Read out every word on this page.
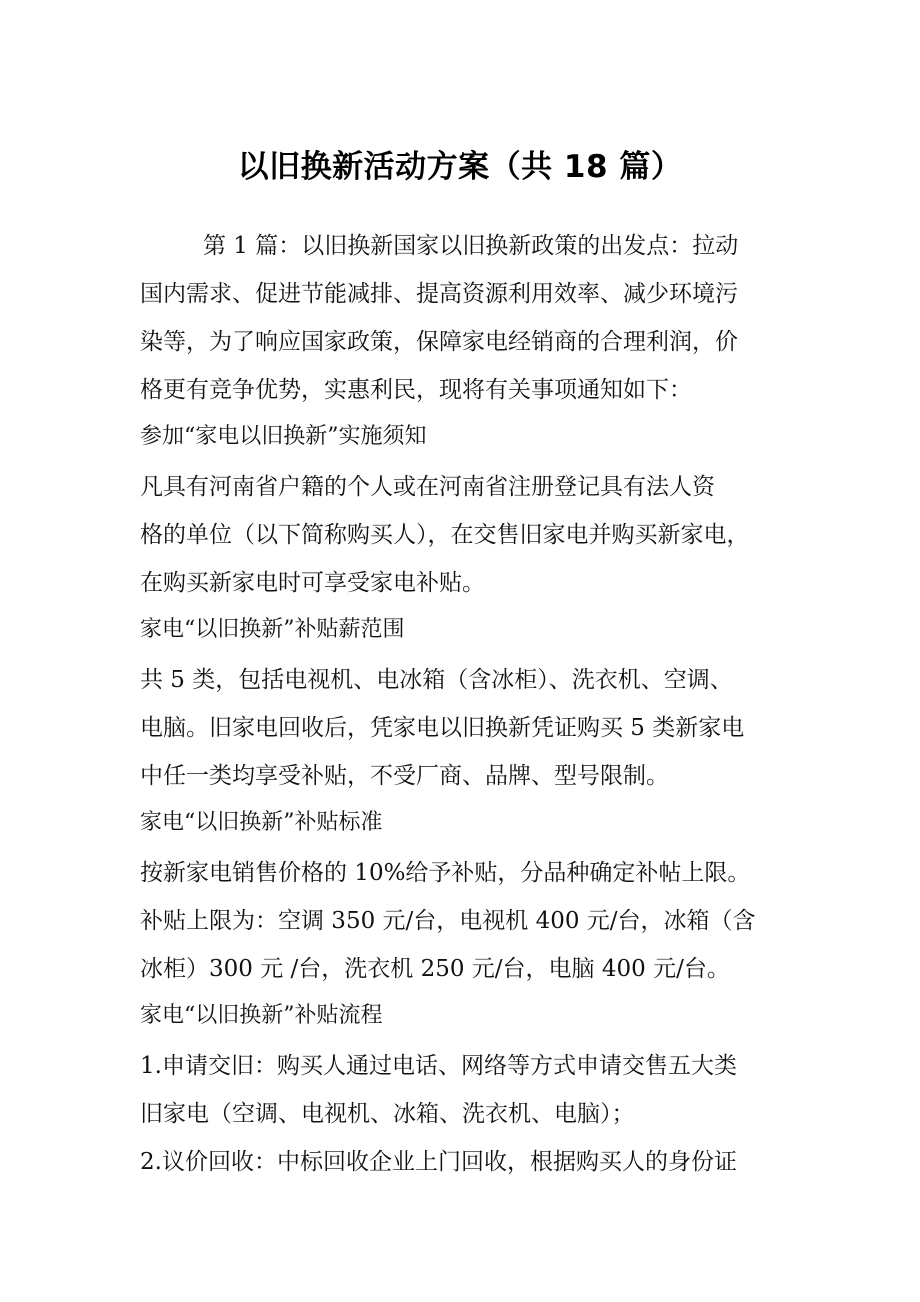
以旧换新活动方案（共 18 篇）
第 1 篇：以旧换新国家以旧换新政策的出发点：拉动
国内需求、促进节能减排、提高资源利用效率、减少环境污
染等，为了响应国家政策，保障家电经销商的合理利润，价
格更有竞争优势，实惠利民，现将有关事项通知如下：
参加“家电以旧换新”实施须知
凡具有河南省户籍的个人或在河南省注册登记具有法人资
格的单位（以下简称购买人），在交售旧家电并购买新家电，
在购买新家电时可享受家电补贴。
家电“以旧换新”补贴薪范围
共 5 类，包括电视机、电冰箱（含冰柜）、洗衣机、空调、
电脑。旧家电回收后，凭家电以旧换新凭证购买 5 类新家电
中任一类均享受补贴，不受厂商、品牌、型号限制。
家电“以旧换新”补贴标准
按新家电销售价格的 10%给予补贴，分品种确定补帖上限。
补贴上限为：空调 350 元/台，电视机 400 元/台，冰箱（含
冰柜）300 元 /台，洗衣机 250 元/台，电脑 400 元/台。
家电“以旧换新”补贴流程
1.申请交旧：购买人通过电话、网络等方式申请交售五大类
旧家电（空调、电视机、冰箱、洗衣机、电脑）；
2.议价回收：中标回收企业上门回收，根据购买人的身份证
